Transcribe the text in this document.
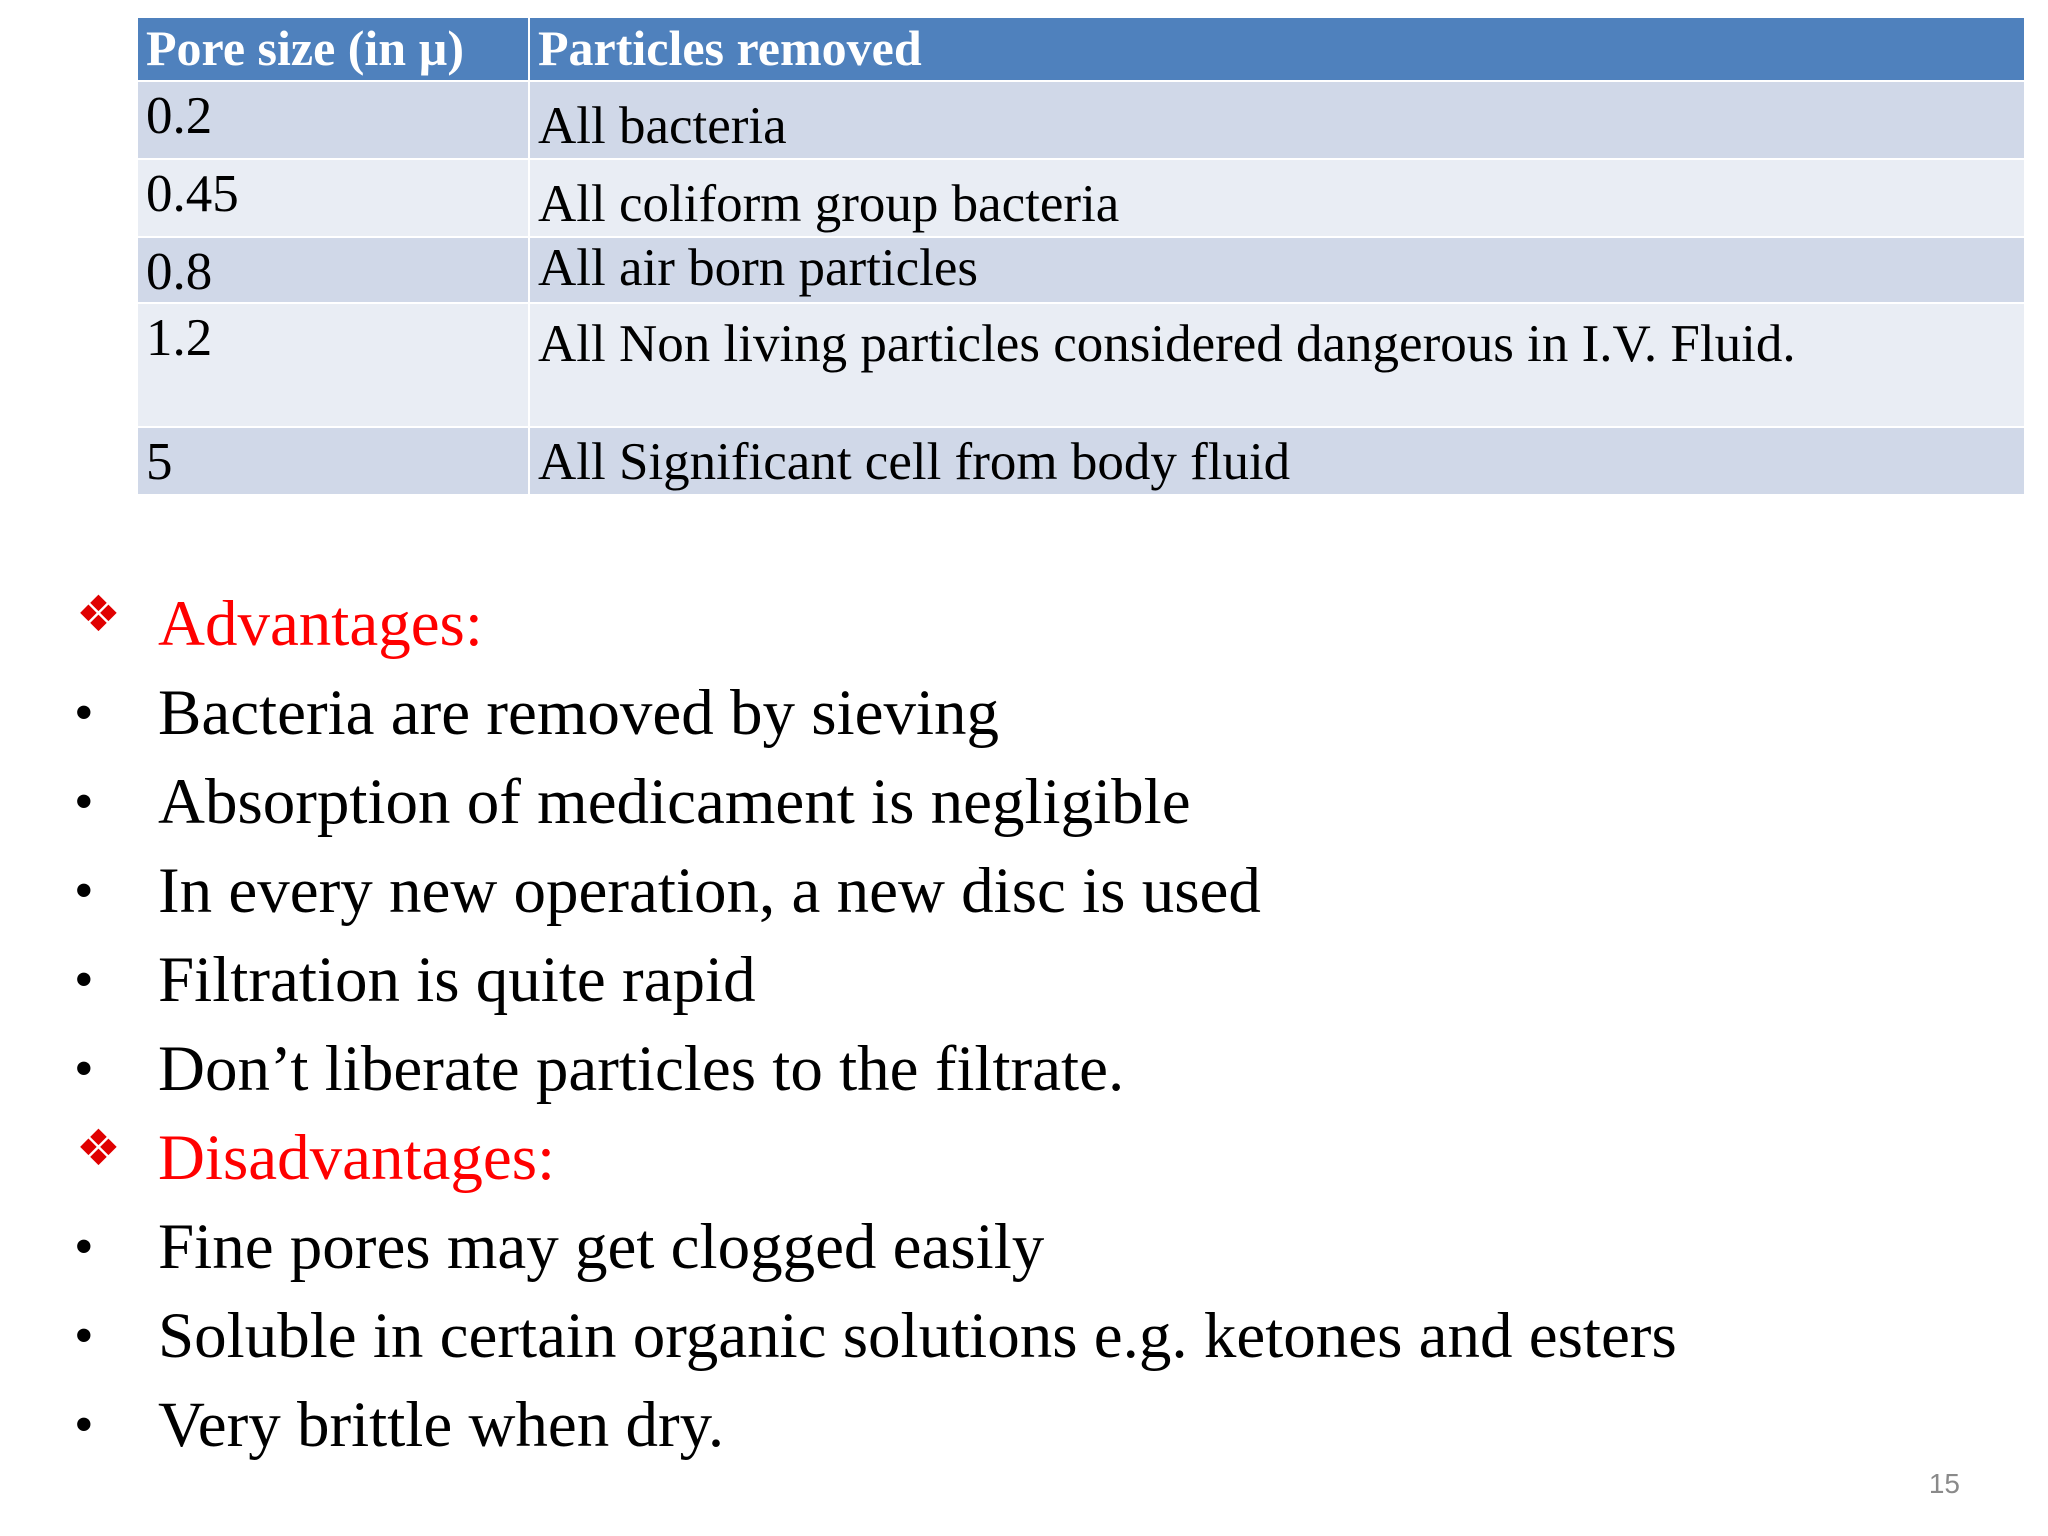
Pore size (in µ)	Particles removed
0.2	All bacteria
0.45	All coliform group bacteria
0.8	All air born particles
1.2	All Non living particles considered dangerous in I.V. Fluid.
5	All Significant cell from body fluid
❖ Advantages:
• Bacteria are removed by sieving
• Absorption of medicament is negligible
• In every new operation, a new disc is used
• Filtration is quite rapid
• Don’t liberate particles to the filtrate.
❖ Disadvantages:
• Fine pores may get clogged easily
• Soluble in certain organic solutions e.g. ketones and esters
• Very brittle when dry.
15
